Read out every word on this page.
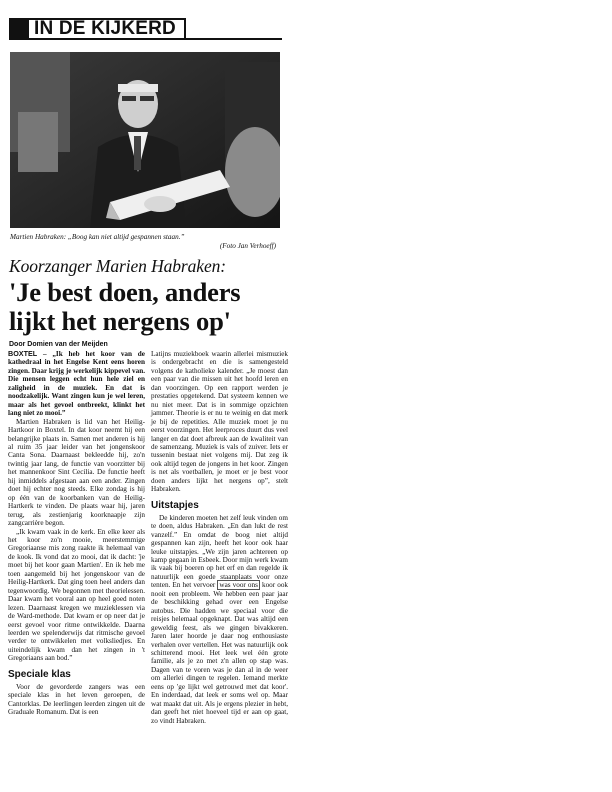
IN DE KIJKERD
Martien Habraken: „Boog kan niet altijd gespannen staan.”
(Foto Jan Verhoeff)
Koorzanger Marien Habraken:
'Je best doen, anders
lijkt het nergens op'
Door Domien van der Meijden

BOXTEL – „Ik heb het koor van de kathedraal in het Engelse Kent eens horen zingen. Daar krijg je werkelijk kippevel van. Die mensen leggen echt hun hele ziel en zaligheid in de muziek. En dat is noodzakelijk. Want zingen kun je wel leren, maar als het gevoel ontbreekt, klinkt het lang niet zo mooi.”

Martien Habraken is lid van het Heilig-Hartkoor in Boxtel. In dat koor neemt hij een belangrijke plaats in. Samen met anderen is hij al ruim 35 jaar leider van het jongenskoor Canta Sona. Daarnaast bekleedde hij, zo'n twintig jaar lang, de functie van voorzitter bij het mannenkoor Sint Cecilia. De functie heeft hij inmiddels afgestaan aan een ander. Zingen doet hij echter nog steeds. Elke zondag is hij op één van de koorbanken van de Heilig-Hartkerk te vinden. De plaats waar hij, jaren terug, als zestienjarig koorknaapje zijn zangcarrière begon.

„Ik kwam vaak in de kerk. En elke keer als het koor zo'n mooie, meerstemmige Gregoriaanse mis zong raakte ik helemaal van de kook. Ik vond dat zo mooi, dat ik dacht: 'je moet bij het koor gaan Martien'. En ik heb me toen aangemeld bij het jongenskoor van de Heilig-Hartkerk. Dat ging toen heel anders dan tegenwoordig. We begonnen met theorielessen. Daar kwam het vooral aan op heel goed noten lezen. Daarnaast kregen we muzieklessen via de Ward-methode. Dat kwam er op neer dat je eerst gevoel voor ritme ontwikkelde. Daarna leerden we spelenderwijs dat ritmische gevoel verder te ontwikkelen met volksliedjes. En uiteindelijk kwam dan het zingen in 't Gregoriaans aan bod.”

Speciale klas

Voor de gevorderde zangers was een speciale klas in het leven geroepen, de Cantorklas. De leerlingen leerden zingen uit de Graduale Romanum. Dat is een

Latijns muziekboek waarin allerlei mismuziek is ondergebracht en die is samengesteld volgens de katholieke kalender. „Je moest dan een paar van die missen uit het hoofd leren en dan voorzingen. Op een rapport werden je prestaties opgetekend. Dat systeem kennen we nu niet meer. Dat is in sommige opzichten jammer. Theorie is er nu te weinig en dat merk je bij de repetities. Alle muziek moet je nu eerst voorzingen. Het leerproces duurt dus veel langer en dat doet afbreuk aan de kwaliteit van de samenzang. Muziek is vals of zuiver. Iets er tussenin bestaat niet volgens mij. Dat zeg ik ook altijd tegen de jongens in het koor. Zingen is net als voetballen, je moet er je best voor doen anders lijkt het nergens op”, stelt Habraken.

Uitstapjes

De kinderen moeten het zelf leuk vinden om te doen, aldus Habraken. „En dan lukt de rest vanzelf.” En omdat de boog niet altijd gespannen kan zijn, heeft het koor ook haar leuke uitstapjes. „We zijn jaren achtereen op kamp gegaan in Esbeek. Door mijn werk kwam ik vaak bij boeren op het erf en dan regelde ik natuurlijk een goede staanplaats voor onze tenten. En het vervoer was voor ons koor ook nooit een probleem. We hebben een paar jaar de beschikking gehad over een Engelse autobus. Die hadden we speciaal voor die reisjes helemaal opgeknapt. Dat was altijd een geweldig feest, als we gingen bivakkeren. Jaren later hoorde je daar nog enthousiaste verhalen over vertellen. Het was natuurlijk ook schitterend mooi. Het leek wel één grote familie, als je zo met z'n allen op stap was. Dagen van te voren was je dan al in de weer om allerlei dingen te regelen. Iemand merkte eens op 'ge lijkt wel getrouwd met dat koor'. En inderdaad, dat leek er soms wel op. Maar wat maakt dat uit. Als je ergens plezier in hebt, dan geeft het niet hoeveel tijd er aan op gaat, zo vindt Habraken.
